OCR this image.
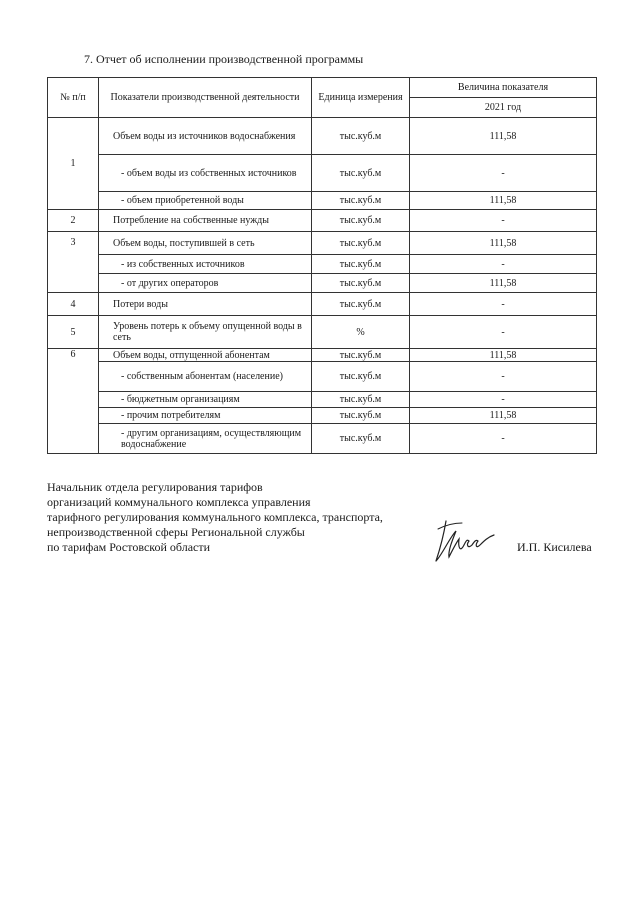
7. Отчет об исполнении производственной программы
№ п/п	Показатели производственной деятельности	Единица измерения	Величина показателя
			2021 год
1	Объем воды из источников водоснабжения	тыс.куб.м	111,58
	- объем воды из собственных источников	тыс.куб.м	-
	- объем приобретенной воды	тыс.куб.м	111,58
2	Потребление на собственные нужды	тыс.куб.м	-
3	Объем воды, поступившей в сеть	тыс.куб.м	111,58
	- из собственных источников	тыс.куб.м	-
	- от других операторов	тыс.куб.м	111,58
4	Потери воды	тыс.куб.м	-
5	Уровень потерь к объему опущенной воды в сеть	%	-
6	Объем воды, отпущенной абонентам	тыс.куб.м	111,58
	- собственным абонентам (население)	тыс.куб.м	-
	- бюджетным организациям	тыс.куб.м	-
	- прочим потребителям	тыс.куб.м	111,58
	- другим организациям, осуществляющим водоснабжение	тыс.куб.м	-
Начальник отдела регулирования тарифов
организаций коммунального комплекса управления
тарифного регулирования коммунального комплекса, транспорта,
непроизводственной сферы Региональной службы
по тарифам Ростовской области	И.П. Кисилева
